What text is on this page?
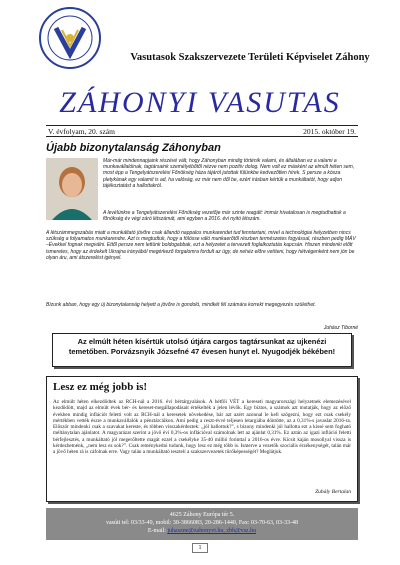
Vasutasok Szakszervezete Területi Képviselet Záhony
ZÁHONYI VASUTAS
V. évfolyam, 20. szám	2015. október 19.
Újabb bizonytalanság Záhonyban
Már-már mindennapjaink részévé vált, hogy Záhonyban mindig történik valami, és általában ez a valami a munkavállalóinak, tagtársaink személyébőtől nézve nem pozitív dolog. Nem volt ez másként az elmúlt héten sem, most épp a Tengelyátszerelési Főnökség háza tájáról jutottak fülünkbe kedvezőtlen hírek. S persze a kósza pletykának egy valamit is ad, ha valóság, ez már nem dől be, ezért irásban kértük a munkáltatót, hogy adjon tájékoztatást a hallottakról.
A levélünkre a Tengelyátszerelési Főnökség vezetője már szinte reagált: immár hivatalosan is megtudhattuk a főnökség év végi záró létszámát, ami egyben a 2016. évi nyitó létszám.
A létszámmegszabás miatt a munkáltató jövőre csak állandó nappalos munkarendet tud fenntartani, mivel a technológiai helyzetben nincs szükség a folyamatos munkarendre. Azt is megtudtuk, hogy a fölösse váló munkaerőtől részben természetes fogyással, részben pedig MÁV –Évekkel fognak megválni. Ettől persze nem lettünk boldogabbak, ezt a helyzetet a tervezett foglalkoztatás kapcsán. Hiszen mindenki előtt ismeretes, hogy az érdekelt Ukrajna irányából megérkező forgalomra fordult az ügy, de nehéz előre vetíteni, hogy hétvégenként nem jön be olyan áru, ami átszerelést igényel.
Bízunk abban, hogy egy új bizonytalanság helyett a jövőre is gondoló, mindkét fél számára korrekt megegyezés születhet.
Juhász Tiborné
Az elmúlt héten kísértük utolsó útjára cargos tagtársunkat az ujkenézi temetőben. Porvázsnyik Józsefné 47 évesen hunyt el. Nyugodjék békében!
Lesz ez még jobb is!
Az elmúlt héten elkezdődtek az RCH-nál a 2016. évi bértárgyalások. A hétfői VÉT a kereseti magyarországi helyzetnek elemezésével kezdődött, majd az elmúlt évek bér- és kereset-megállapodásait értékelték a jelen lévők. Egy biztos, a számok azt mutatják, hogy az előző években mindig inflációt feletti volt az RCH-nál a keresetek növekedése, bár azt azért azonnal le kell szögezni, hogy ezt csak csekély mértékben vették észre a munkavállalók a pénztárcáikon. Ami pedig a reszt-évvé teljesen letargiába döntötte, az a 0,31%-s javaslat 2016-ra. Először mindenki csak a szavakat kereste, és többen visszakérdeztek: „jól hallottuk?”, s bizony mindenki jól hallotta ezt a kissé sem fogható méltánytalan ajánlatot. A magyarázat szerint a jövő évi 0,3%-os inflációval számolnak lett az ajánlat 0,31%. Ez aztán az igazi infláció feletti bérfejlesztés, a munkáltató jól megerőltette magát ezzel a csekélyke 35-40 millió forinttal a 2016-os évre. Kicsit kaján mosollyal vissza is kérdezhetnénk, „nem lesz ez sok?”. Csak reménykedni tudunk, hogy lesz ez még több is. Ismerve a vezetők szociális érzékenységét, talán már a jövő héten rá is cáfolnak erre. Vagy talán a munkáltató tesztelí a szakszervezetek tűrőképességét? Meglátjuk.
Zubály Bertalan
4625 Záhony Európa tér 5.
vasúti tel: 03/33-49, mobil: 30-3866083, 20-286-1440, Fax: 03-70-63, 03-33-48
E-mail: juhaszne@zahonyvt.hu, zbh@vsz.hu
1
